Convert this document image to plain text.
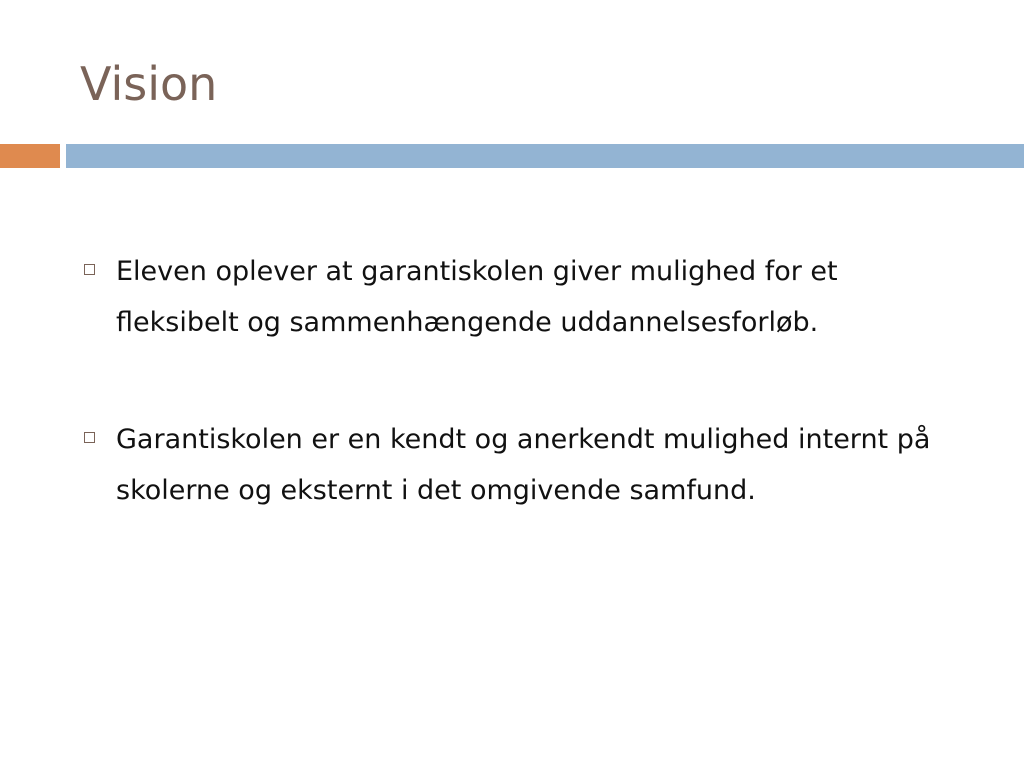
Vision
Eleven oplever at garantiskolen giver mulighed for et fleksibelt og sammenhængende uddannelsesforløb.
Garantiskolen er en kendt og anerkendt mulighed internt på skolerne og eksternt i det omgivende samfund.
